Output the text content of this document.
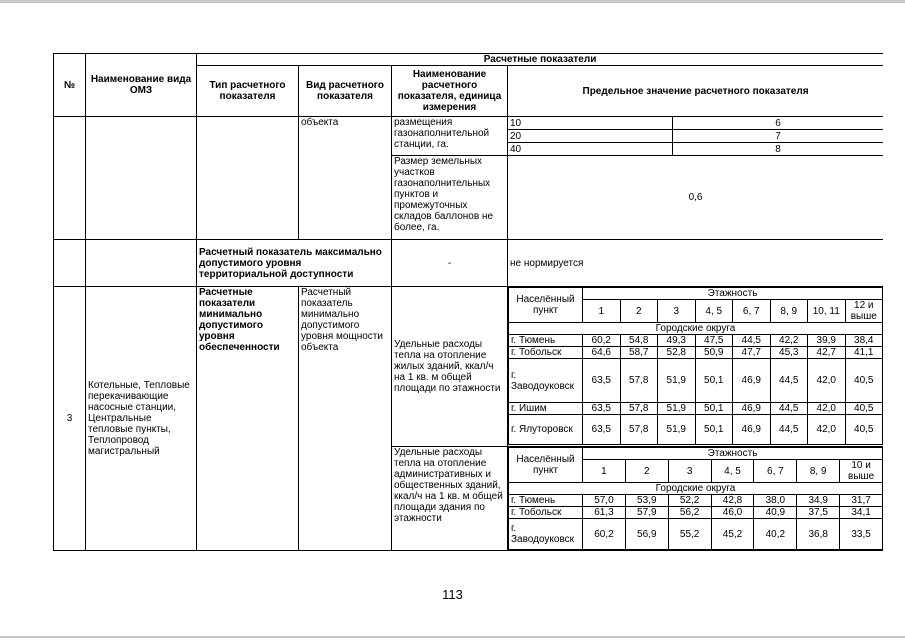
№	Наименование вида ОМЗ	Расчетные показатели
Тип расчетного показателя	Вид расчетного показателя	Наименование расчетного показателя, единица измерения	Предельное значение расчетного показателя

			объекта	размещения газонаполнительной станции, га.	
10	6

20	7

40	8

Размер земельных участков газонаполнительных пунктов и промежуточных складов баллонов не более, га.	0,6
		Расчетный показатель максимально допустимого уровня территориальной доступности	-	не нормируется
3	Котельные, Тепловые перекачивающие насосные станции, Центральные тепловые пункты, Теплопровод магистральный	Расчетные показатели минимально допустимого уровня обеспеченности	Расчетный показатель минимально допустимого уровня мощности объекта	Удельные расходы тепла на отопление жилых зданий, ккал/ч на 1 кв. м общей площади по этажности	
Населённый пункт	Этажность
1	2	3	4, 5	6, 7	8, 9	10, 11	12 и выше
Городские округа
г. Тюмень	60,2	54,8	49,3	47,5	44,5	42,2	39,9	38,4
г. Тобольск	64,6	58,7	52,8	50,9	47,7	45,3	42,7	41,1
г. Заводоуковск	63,5	57,8	51,9	50,1	46,9	44,5	42,0	40,5
г. Ишим	63,5	57,8	51,9	50,1	46,9	44,5	42,0	40,5
г. Ялуторовск	63,5	57,8	51,9	50,1	46,9	44,5	42,0	40,5

Удельные расходы тепла на отопление административных и общественных зданий, ккал/ч на 1 кв. м общей площади здания по этажности	
Населённый пункт	Этажность
1	2	3	4, 5	6, 7	8, 9	10 и выше
Городские округа
г. Тюмень	57,0	53,9	52,2	42,8	38,0	34,9	31,7
г. Тобольск	61,3	57,9	56,2	46,0	40,9	37,5	34,1
г. Заводоуковск	60,2	56,9	55,2	45,2	40,2	36,8	33,5
113
